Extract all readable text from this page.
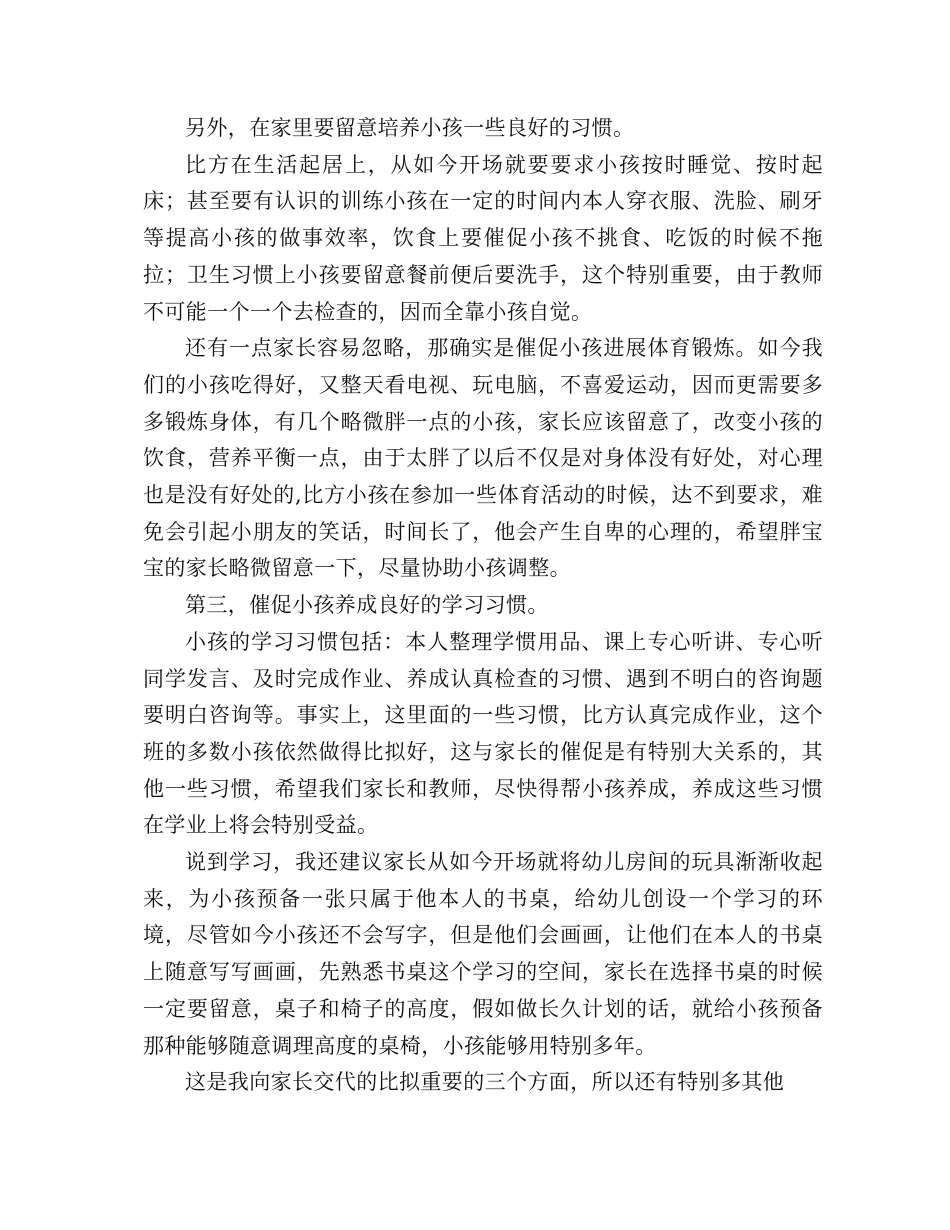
另外，在家里要留意培养小孩一些良好的习惯。

比方在生活起居上，从如今开场就要要求小孩按时睡觉、按时起床；甚至要有认识的训练小孩在一定的时间内本人穿衣服、洗脸、刷牙等提高小孩的做事效率，饮食上要催促小孩不挑食、吃饭的时候不拖拉；卫生习惯上小孩要留意餐前便后要洗手，这个特别重要，由于教师不可能一个一个去检查的，因而全靠小孩自觉。

还有一点家长容易忽略，那确实是催促小孩进展体育锻炼。如今我们的小孩吃得好，又整天看电视、玩电脑，不喜爱运动，因而更需要多多锻炼身体，有几个略微胖一点的小孩，家长应该留意了，改变小孩的饮食，营养平衡一点，由于太胖了以后不仅是对身体没有好处，对心理也是没有好处的,比方小孩在参加一些体育活动的时候，达不到要求，难免会引起小朋友的笑话，时间长了，他会产生自卑的心理的，希望胖宝宝的家长略微留意一下，尽量协助小孩调整。

第三，催促小孩养成良好的学习习惯。

小孩的学习习惯包括：本人整理学惯用品、课上专心听讲、专心听同学发言、及时完成作业、养成认真检查的习惯、遇到不明白的咨询题要明白咨询等。事实上，这里面的一些习惯，比方认真完成作业，这个班的多数小孩依然做得比拟好，这与家长的催促是有特别大关系的，其他一些习惯，希望我们家长和教师，尽快得帮小孩养成，养成这些习惯在学业上将会特别受益。

说到学习，我还建议家长从如今开场就将幼儿房间的玩具渐渐收起来，为小孩预备一张只属于他本人的书桌，给幼儿创设一个学习的环境，尽管如今小孩还不会写字，但是他们会画画，让他们在本人的书桌上随意写写画画，先熟悉书桌这个学习的空间，家长在选择书桌的时候一定要留意，桌子和椅子的高度，假如做长久计划的话，就给小孩预备那种能够随意调理高度的桌椅，小孩能够用特别多年。

这是我向家长交代的比拟重要的三个方面，所以还有特别多其他
